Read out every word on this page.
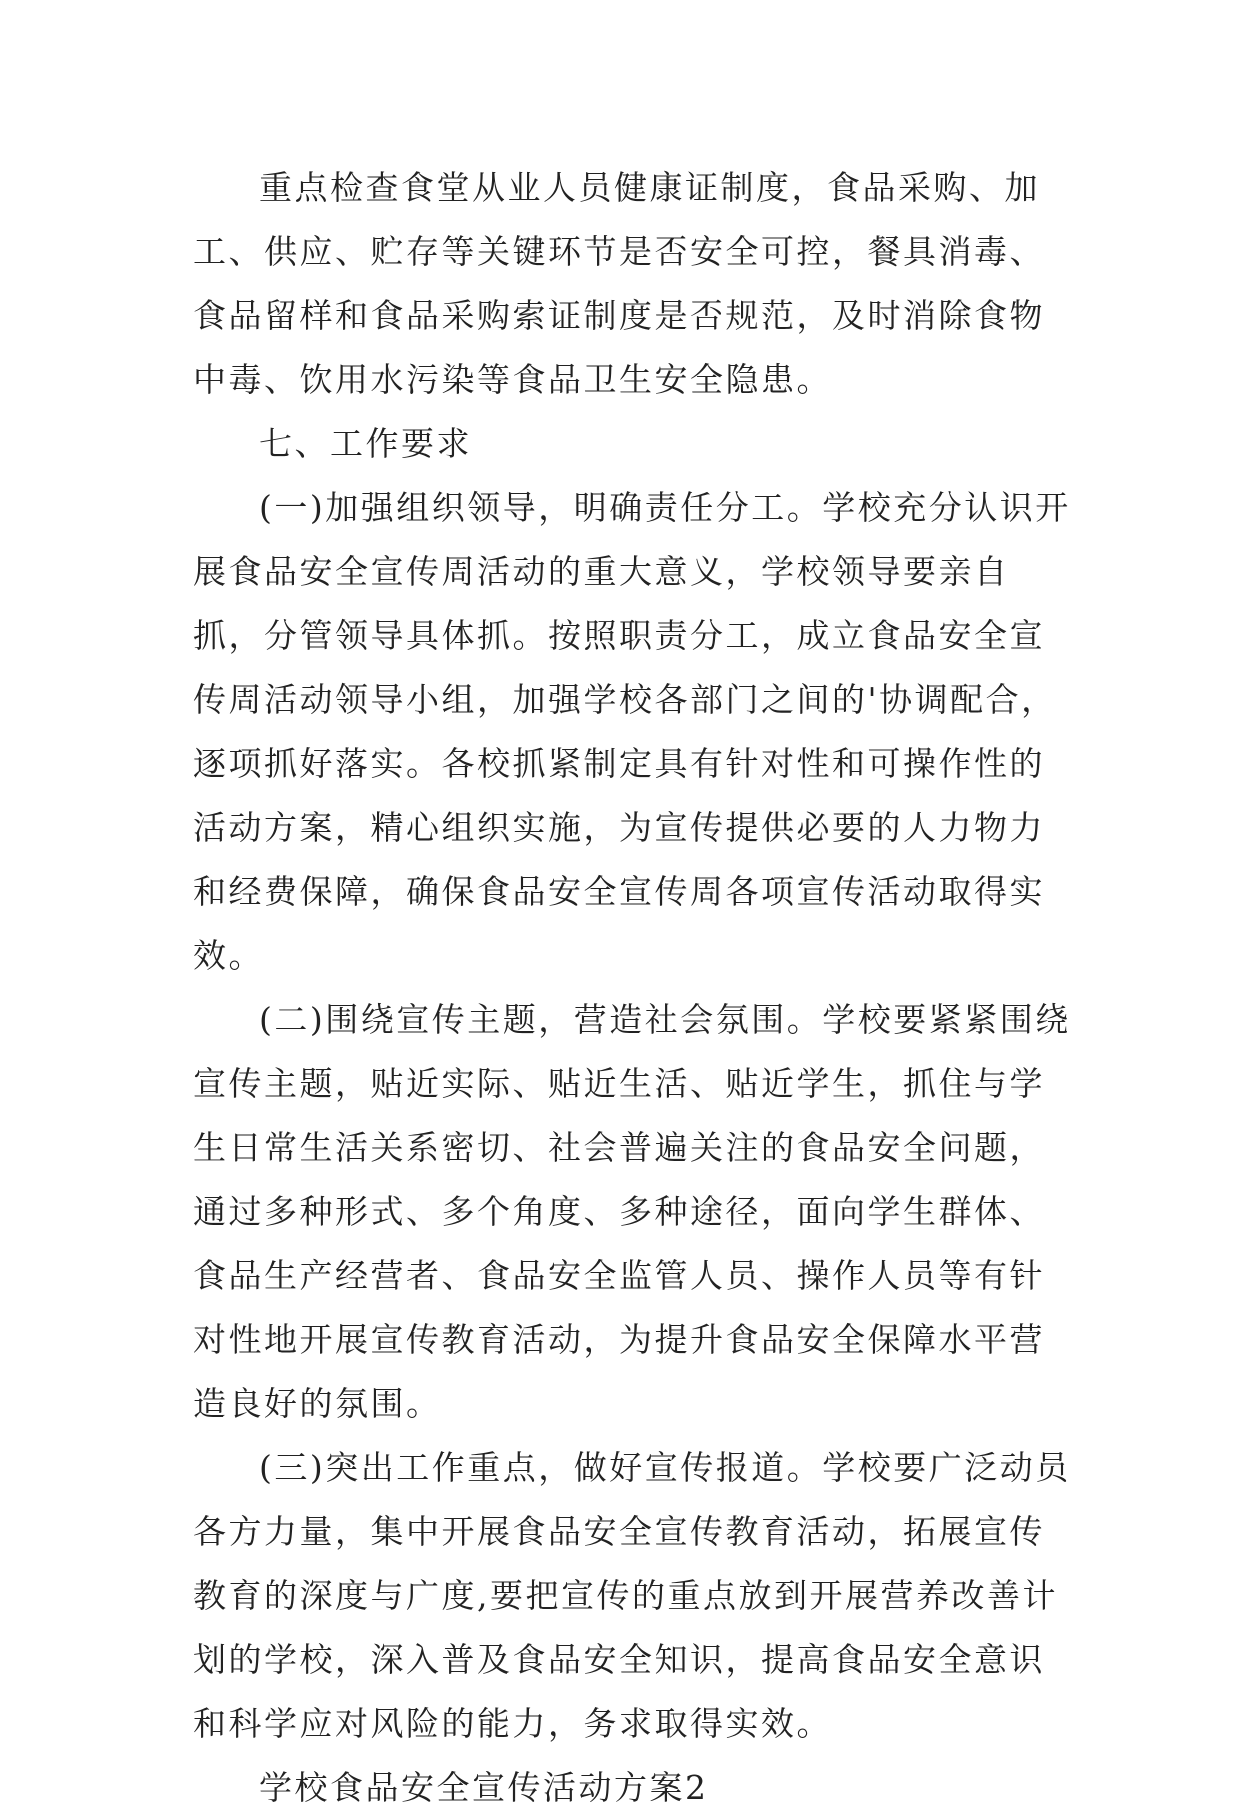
重点检查食堂从业人员健康证制度，食品采购、加工、供应、贮存等关键环节是否安全可控，餐具消毒、食品留样和食品采购索证制度是否规范，及时消除食物中毒、饮用水污染等食品卫生安全隐患。

七、工作要求

(一)加强组织领导，明确责任分工。学校充分认识开展食品安全宣传周活动的重大意义，学校领导要亲自抓，分管领导具体抓。按照职责分工，成立食品安全宣传周活动领导小组，加强学校各部门之间的'协调配合，逐项抓好落实。各校抓紧制定具有针对性和可操作性的活动方案，精心组织实施，为宣传提供必要的人力物力和经费保障，确保食品安全宣传周各项宣传活动取得实效。

(二)围绕宣传主题，营造社会氛围。学校要紧紧围绕宣传主题，贴近实际、贴近生活、贴近学生，抓住与学生日常生活关系密切、社会普遍关注的食品安全问题，通过多种形式、多个角度、多种途径，面向学生群体、食品生产经营者、食品安全监管人员、操作人员等有针对性地开展宣传教育活动，为提升食品安全保障水平营造良好的氛围。

(三)突出工作重点，做好宣传报道。学校要广泛动员各方力量，集中开展食品安全宣传教育活动，拓展宣传教育的深度与广度,要把宣传的重点放到开展营养改善计划的学校，深入普及食品安全知识，提高食品安全意识和科学应对风险的能力，务求取得实效。

学校食品安全宣传活动方案2
